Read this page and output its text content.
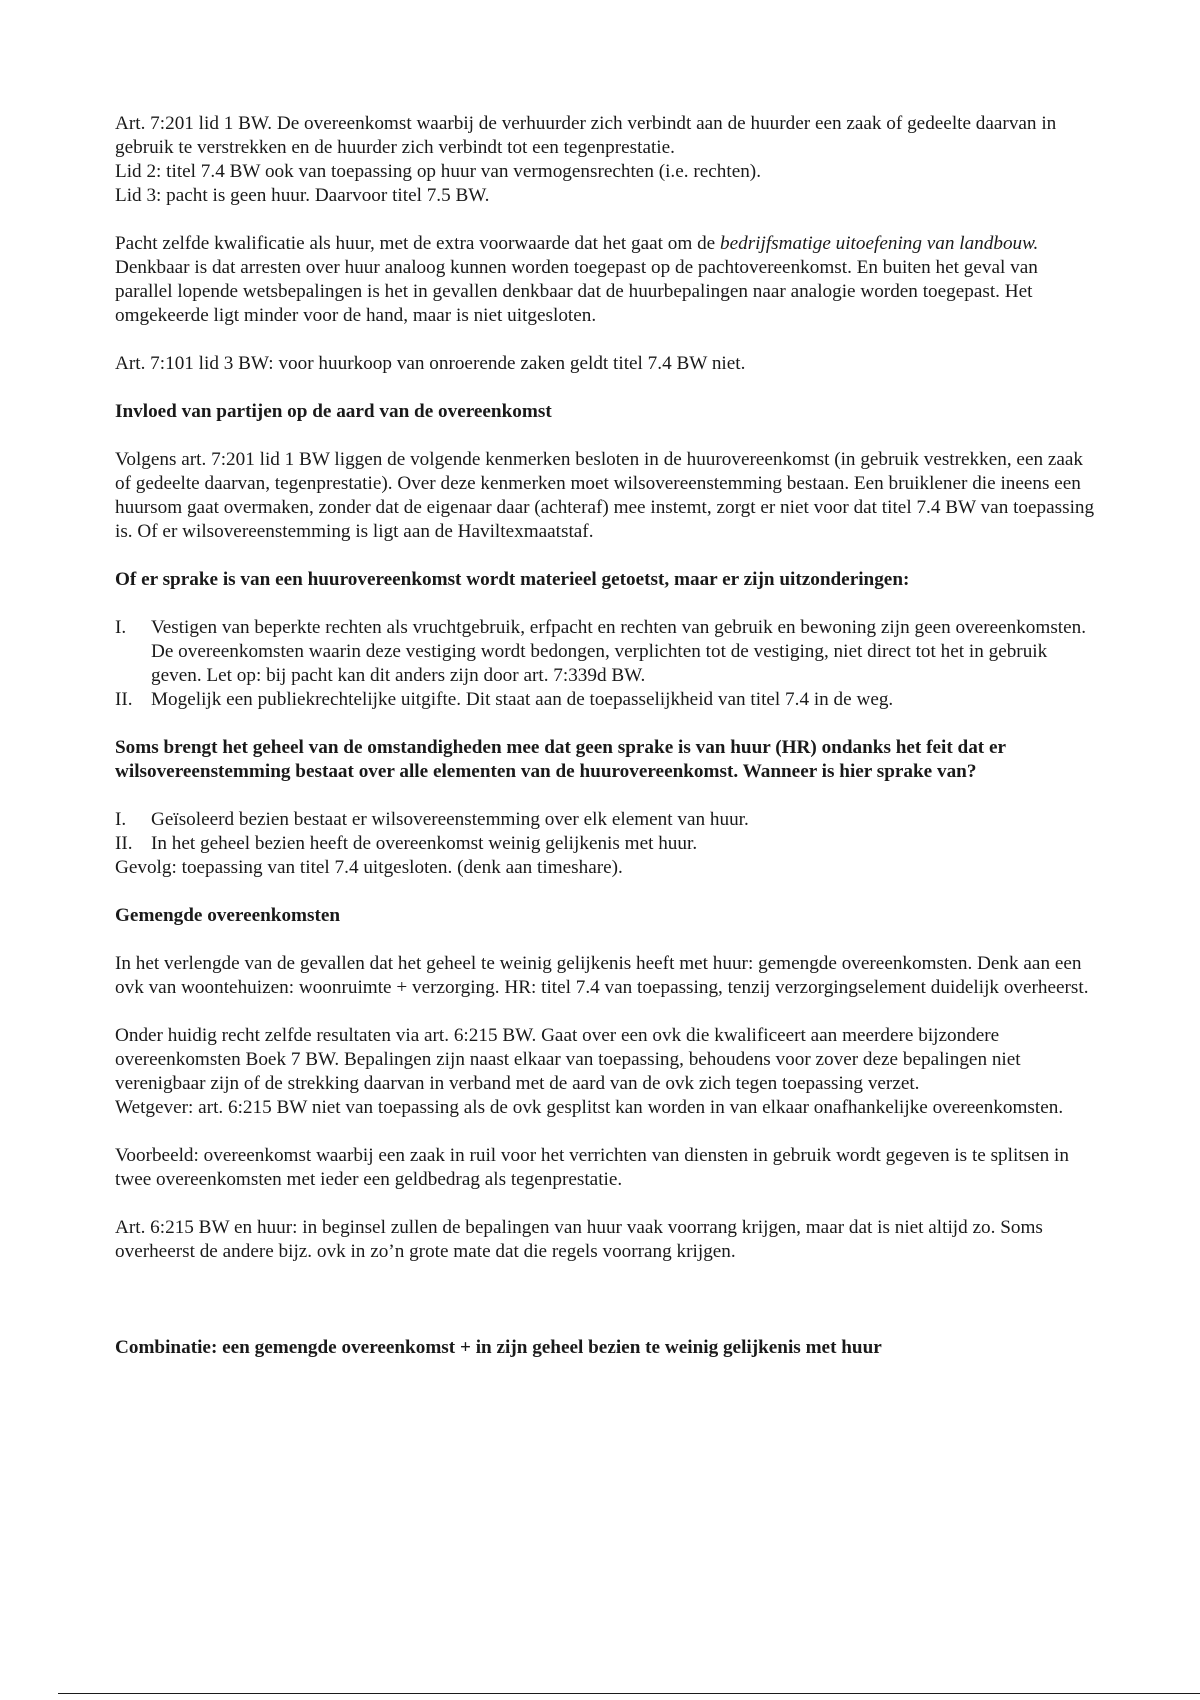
Art. 7:201 lid 1 BW. De overeenkomst waarbij de verhuurder zich verbindt aan de huurder een zaak of gedeelte daarvan in gebruik te verstrekken en de huurder zich verbindt tot een tegenprestatie.

Lid 2: titel 7.4 BW ook van toepassing op huur van vermogensrechten (i.e. rechten).

Lid 3: pacht is geen huur. Daarvoor titel 7.5 BW.

Pacht zelfde kwalificatie als huur, met de extra voorwaarde dat het gaat om de bedrijfsmatige uitoefening van landbouw. Denkbaar is dat arresten over huur analoog kunnen worden toegepast op de pachtovereenkomst. En buiten het geval van parallel lopende wetsbepalingen is het in gevallen denkbaar dat de huurbepalingen naar analogie worden toegepast. Het omgekeerde ligt minder voor de hand, maar is niet uitgesloten.

Art. 7:101 lid 3 BW: voor huurkoop van onroerende zaken geldt titel 7.4 BW niet.

Invloed van partijen op de aard van de overeenkomst

Volgens art. 7:201 lid 1 BW liggen de volgende kenmerken besloten in de huurovereenkomst (in gebruik vestrekken, een zaak of gedeelte daarvan, tegenprestatie). Over deze kenmerken moet wilsovereenstemming bestaan. Een bruiklener die ineens een huursom gaat overmaken, zonder dat de eigenaar daar (achteraf) mee instemt, zorgt er niet voor dat titel 7.4 BW van toepassing is. Of er wilsovereenstemming is ligt aan de Haviltexmaatstaf.

Of er sprake is van een huurovereenkomst wordt materieel getoetst, maar er zijn uitzonderingen:
I. Vestigen van beperkte rechten als vruchtgebruik, erfpacht en rechten van gebruik en bewoning zijn geen overeenkomsten. De overeenkomsten waarin deze vestiging wordt bedongen, verplichten tot de vestiging, niet direct tot het in gebruik geven. Let op: bij pacht kan dit anders zijn door art. 7:339d BW.
II. Mogelijk een publiekrechtelijke uitgifte. Dit staat aan de toepasselijkheid van titel 7.4 in de weg.
Soms brengt het geheel van de omstandigheden mee dat geen sprake is van huur (HR) ondanks het feit dat er wilsovereenstemming bestaat over alle elementen van de huurovereenkomst. Wanneer is hier sprake van?
I. Geïsoleerd bezien bestaat er wilsovereenstemming over elk element van huur.
II. In het geheel bezien heeft de overeenkomst weinig gelijkenis met huur.

Gevolg: toepassing van titel 7.4 uitgesloten. (denk aan timeshare).

Gemengde overeenkomsten

In het verlengde van de gevallen dat het geheel te weinig gelijkenis heeft met huur: gemengde overeenkomsten. Denk aan een ovk van woontehuizen: woonruimte + verzorging. HR: titel 7.4 van toepassing, tenzij verzorgingselement duidelijk overheerst.

Onder huidig recht zelfde resultaten via art. 6:215 BW. Gaat over een ovk die kwalificeert aan meerdere bijzondere overeenkomsten Boek 7 BW. Bepalingen zijn naast elkaar van toepassing, behoudens voor zover deze bepalingen niet verenigbaar zijn of de strekking daarvan in verband met de aard van de ovk zich tegen toepassing verzet.

Wetgever: art. 6:215 BW niet van toepassing als de ovk gesplitst kan worden in van elkaar onafhankelijke overeenkomsten.

Voorbeeld: overeenkomst waarbij een zaak in ruil voor het verrichten van diensten in gebruik wordt gegeven is te splitsen in twee overeenkomsten met ieder een geldbedrag als tegenprestatie.

Art. 6:215 BW en huur: in beginsel zullen de bepalingen van huur vaak voorrang krijgen, maar dat is niet altijd zo. Soms overheerst de andere bijz. ovk in zo’n grote mate dat die regels voorrang krijgen.

Combinatie: een gemengde overeenkomst + in zijn geheel bezien te weinig gelijkenis met huur
